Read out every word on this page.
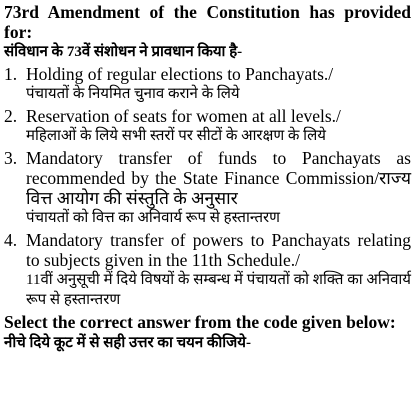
73rd Amendment of the Constitution has provided for:

संविधान के 73वें संशोधन ने प्रावधान किया है-

1. Holding of regular elections to Panchayats./

पंचायतों के नियमित चुनाव कराने के लिये

2. Reservation of seats for women at all levels./

महिलाओं के लिये सभी स्तरों पर सीटों के आरक्षण के लिये

3. Mandatory transfer of funds to Panchayats as recommended by the State Finance Commission/राज्य वित्त आयोग की संस्तुति के अनुसार

पंचायतों को वित्त का अनिवार्य रूप से हस्तान्तरण

4. Mandatory transfer of powers to Panchayats relating to subjects given in the 11th Schedule./

11वीं अनुसूची में दिये विषयों के सम्बन्ध में पंचायतों को शक्ति का अनिवार्य रूप से हस्तान्तरण

Select the correct answer from the code given below:

नीचे दिये कूट में से सही उत्तर का चयन कीजिये-
